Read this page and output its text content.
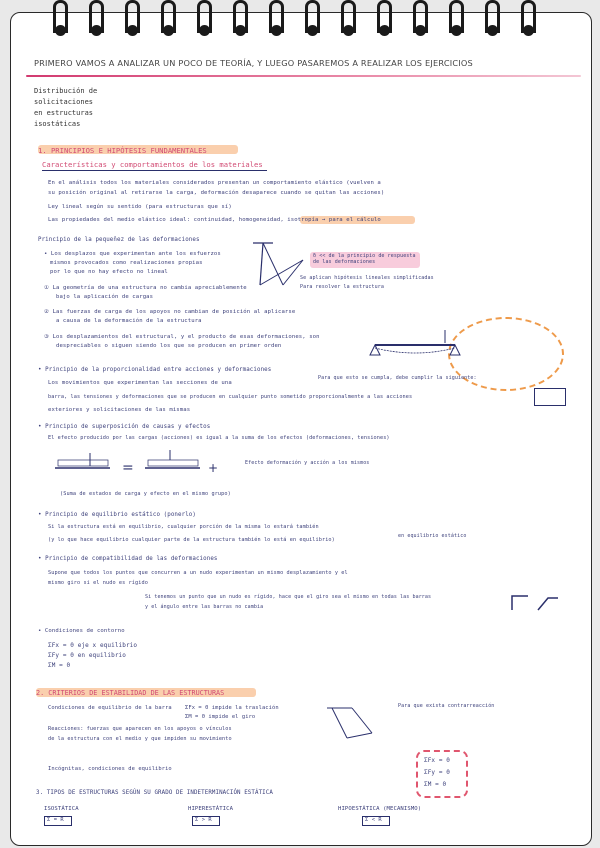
PRIMERO VAMOS A ANALIZAR UN POCO DE TEORÍA, Y LUEGO PASAREMOS A REALIZAR LOS EJERCICIOS
Distribución de
solicitaciones
en estructuras
isostáticas
1. PRINCIPIOS E HIPÓTESIS FUNDAMENTALES
Características y comportamientos de los materiales
En el análisis todos los materiales considerados presentan un comportamiento elástico (vuelven a
su posición original al retirarse la carga, deformación desaparece cuando se quitan las acciones)
Ley lineal según su sentido (para estructuras que sí)
Las propiedades del medio elástico ideal: continuidad, homogeneidad, isotropía → para el cálculo
Principio de la pequeñez de las deformaciones
• Los desplazos que experimentan ante los esfuerzos
mismos provocados como realizaciones propias
por lo que no hay efecto no lineal
① La geometría de una estructura no cambia apreciablemente
bajo la aplicación de cargas
② Las fuerzas de carga de los apoyos no cambian de posición al aplicarse
a causa de la deformación de la estructura
③ Los desplazamientos del estructural, y el producto de esas deformaciones, son
despreciables o siguen siendo los que se producen en primer orden
δ << de la principio de respuesta de las deformaciones
Se aplican hipótesis lineales simplificadas
Para resolver la estructura
• Principio de la proporcionalidad entre acciones y deformaciones
Los movimientos que experimentan las secciones de una
barra, las tensiones y deformaciones que se producen en cualquier punto sometido proporcionalmente a las acciones
exteriores y solicitaciones de las mismas
Para que esto se cumpla, debe cumplir la siguiente:
• Principio de superposición de causas y efectos
El efecto producido por las cargas (acciones) es igual a la suma de los efectos (deformaciones, tensiones)
=	+	Efecto deformación y acción a los mismos
(Suma de estados de carga y efecto en el mismo grupo)
• Principio de equilibrio estático (ponerlo)
Si la estructura está en equilibrio, cualquier porción de la misma lo estará también
(y lo que hace equilibrio cualquier parte de la estructura también lo está en equilibrio)
en equilibrio estático
• Principio de compatibilidad de las deformaciones
Supone que todos los puntos que concurren a un nudo experimentan un mismo desplazamiento y el
mismo giro si el nudo es rígido
Si tenemos un punto que un nudo es rígido, hace que el giro sea el mismo en todas las barras
y el ángulo entre las barras no cambia
• Condiciones de contorno
ΣFx = 0 eje x equilibrio
ΣFy = 0 en equilibrio
ΣM = 0
2. CRITERIOS DE ESTABILIDAD DE LAS ESTRUCTURAS
Condiciones de equilibrio de la barra ΣFx = 0 impide la traslación
ΣM = 0 impide el giro
Para que exista contrarreacción
Reacciones: fuerzas que aparecen en los apoyos o vínculos
de la estructura con el medio y que impiden su movimiento
Incógnitas, condiciones de equilibrio
ΣFx = 0
ΣFy = 0
ΣM = 0
3. TIPOS DE ESTRUCTURAS SEGÚN SU GRADO DE INDETERMINACIÓN ESTÁTICA
ISOSTÁTICA	HIPERESTÁTICA	HIPOESTÁTICA (MECANISMO)
Σ = R	Σ > R	Σ < R
